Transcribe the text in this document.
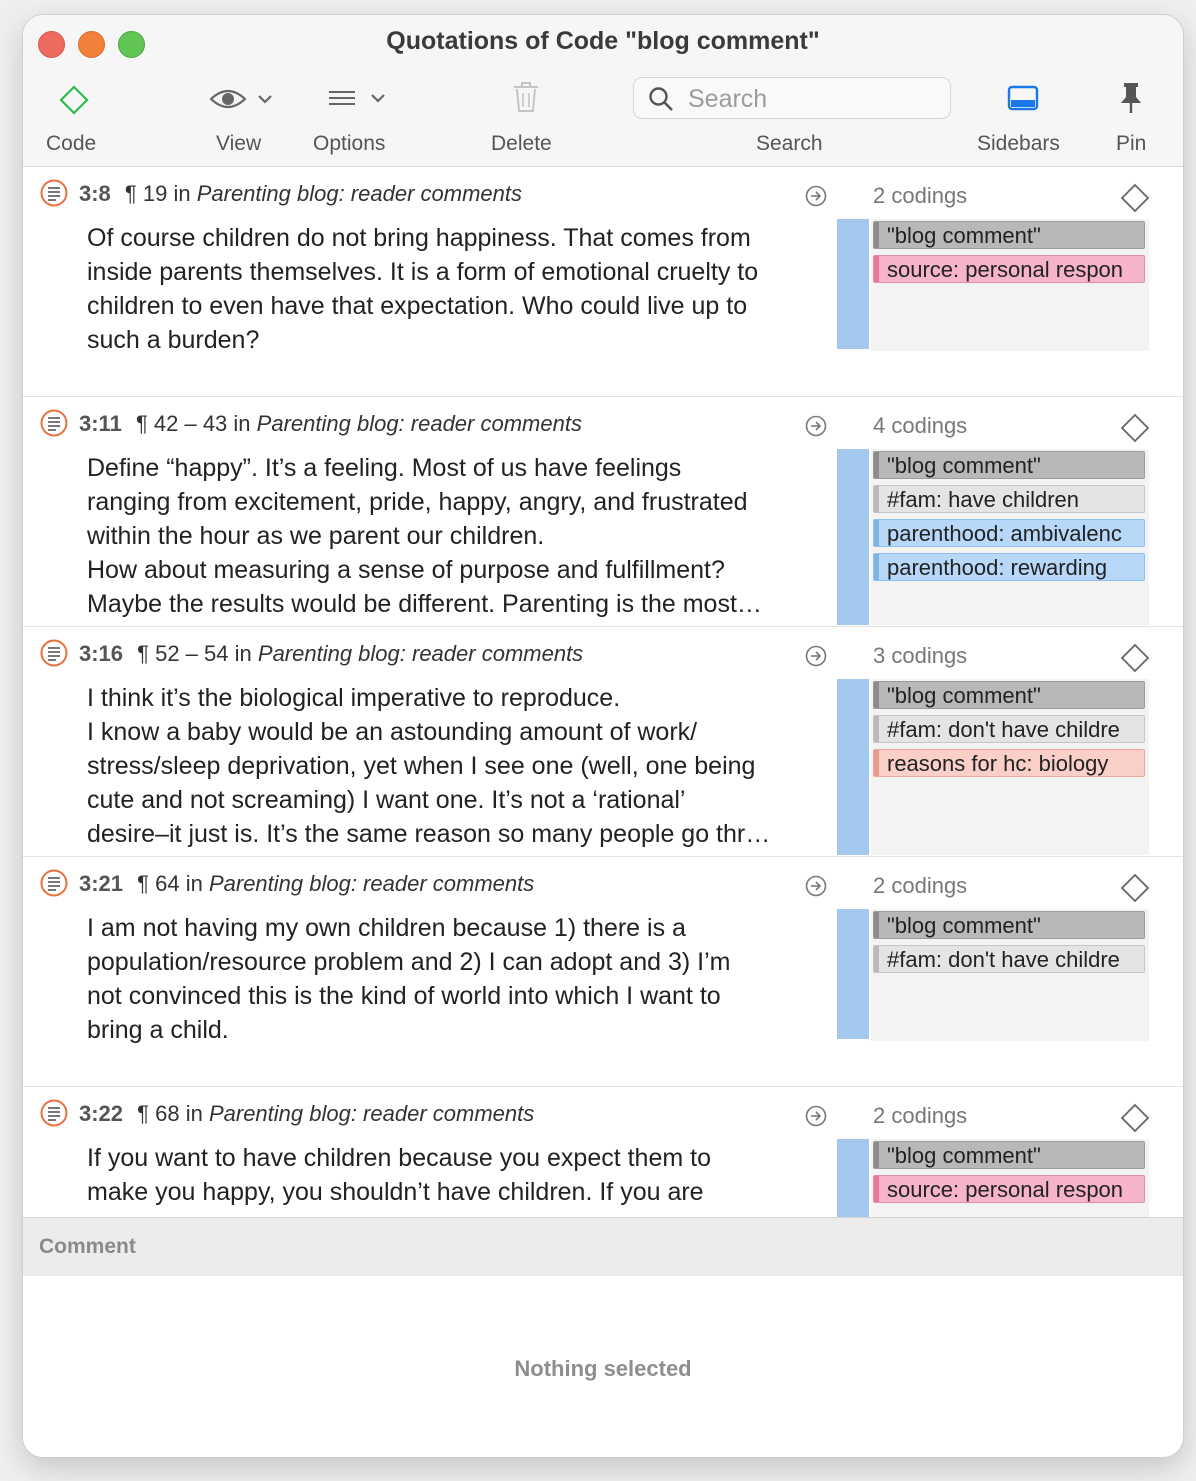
Quotations of Code "blog comment"
Code	View Options	Delete
Search	Search	Sidebars	Pin
3:8 ¶ 19 in Parenting blog: reader comments

Of course children do not bring happiness. That comes from

inside parents themselves. It is a form of emotional cruelty to

children to even have that expectation. Who could live up to

such a burden?

2 codings
"blog comment"
source: personal respon
3:11 ¶ 42 – 43 in Parenting blog: reader comments

Define “happy”. It’s a feeling. Most of us have feelings

ranging from excitement, pride, happy, angry, and frustrated

within the hour as we parent our children.

How about measuring a sense of purpose and fulfillment?

Maybe the results would be different. Parenting is the most…

4 codings
"blog comment"
#fam: have children
parenthood: ambivalenc
parenthood: rewarding
3:16 ¶ 52 – 54 in Parenting blog: reader comments

I think it’s the biological imperative to reproduce.

I know a baby would be an astounding amount of work/

stress/sleep deprivation, yet when I see one (well, one being

cute and not screaming) I want one. It’s not a ‘rational’

desire–it just is. It’s the same reason so many people go thr…

3 codings
"blog comment"
#fam: don't have childre
reasons for hc: biology
3:21 ¶ 64 in Parenting blog: reader comments

I am not having my own children because 1) there is a

population/resource problem and 2) I can adopt and 3) I’m

not convinced this is the kind of world into which I want to

bring a child.

2 codings
"blog comment"
#fam: don't have childre
3:22 ¶ 68 in Parenting blog: reader comments

If you want to have children because you expect them to

make you happy, you shouldn’t have children. If you are

2 codings
"blog comment"
source: personal respon
Comment
Nothing selected
